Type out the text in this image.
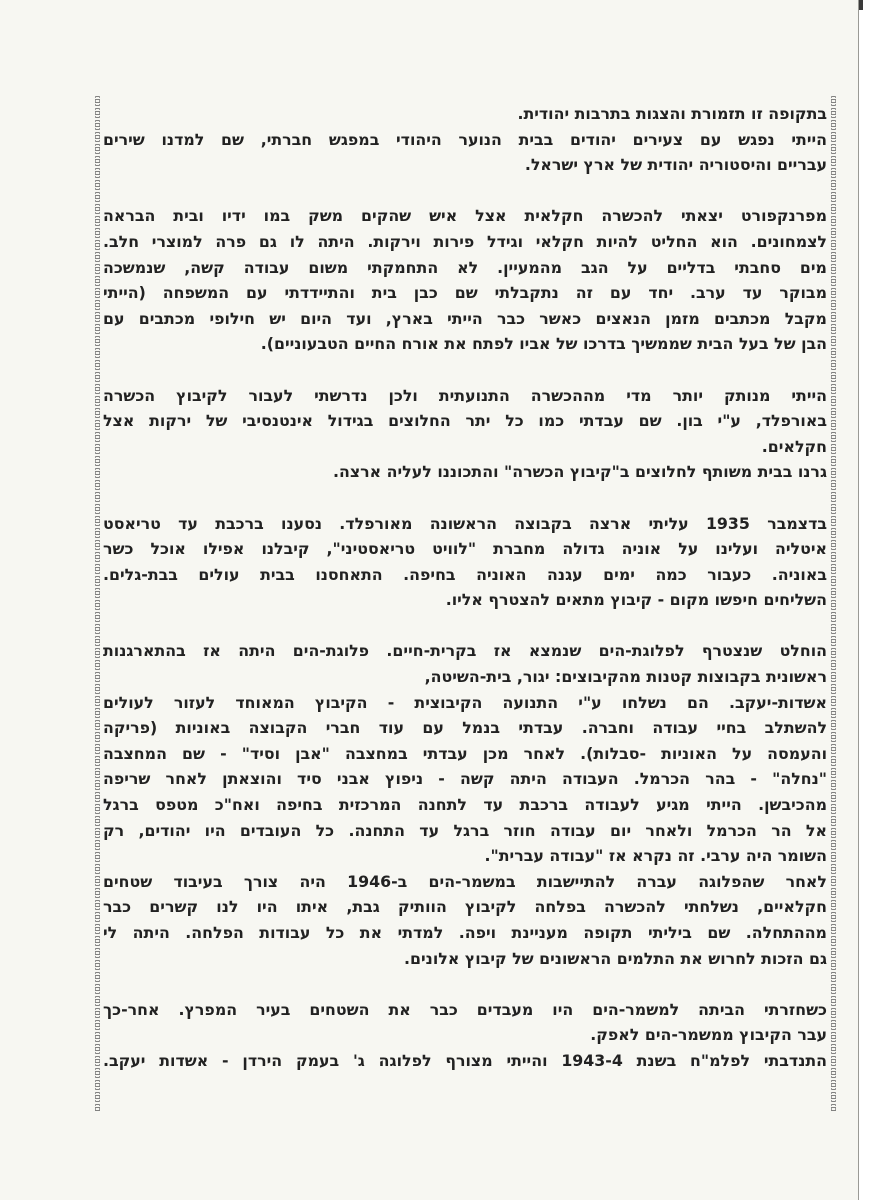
בתקופה זו תזמורת והצגות בתרבות יהודית.
הייתי נפגש עם צעירים יהודים בבית הנוער היהודי במפגש חברתי, שם למדנו שירים
עבריים והיסטוריה יהודית של ארץ ישראל.

מפרנקפורט יצאתי להכשרה חקלאית אצל איש שהקים משק במו ידיו ובית הבראה
לצמחונים. הוא החליט להיות חקלאי וגידל פירות וירקות. היתה לו גם פרה למוצרי חלב.
מים סחבתי בדליים על הגב מהמעיין. לא התחמקתי משום עבודה קשה, שנמשכה
מבוקר עד ערב. יחד עם זה נתקבלתי שם כבן בית והתיידדתי עם המשפחה (הייתי
מקבל מכתבים מזמן הנאצים כאשר כבר הייתי בארץ, ועד היום יש חילופי מכתבים עם
הבן של בעל הבית שממשיך בדרכו של אביו לפתח את אורח החיים הטבעוניים).

הייתי מנותק יותר מדי מההכשרה התנועתית ולכן נדרשתי לעבור לקיבוץ הכשרה
באורפלד, ע"י בון. שם עבדתי כמו כל יתר החלוצים בגידול אינטנסיבי של ירקות אצל
חקלאים.
גרנו בבית משותף לחלוצים ב"קיבוץ הכשרה" והתכוננו לעליה ארצה.

בדצמבר 1935 עליתי ארצה בקבוצה הראשונה מאורפלד. נסענו ברכבת עד טריאסט
איטליה ועלינו על אוניה גדולה מחברת "לוויט טריאסטיני", קיבלנו אפילו אוכל כשר
באוניה. כעבור כמה ימים עגנה האוניה בחיפה. התאחסנו בבית עולים בבת-גלים.
השליחים חיפשו מקום - קיבוץ מתאים להצטרף אליו.

הוחלט שנצטרף לפלוגת-הים שנמצא אז בקרית-חיים. פלוגת-הים היתה אז בהתארגנות
ראשונית בקבוצות קטנות מהקיבוצים: יגור, בית-השיטה,
אשדות-יעקב. הם נשלחו ע"י התנועה הקיבוצית - הקיבוץ המאוחד לעזור לעולים
להשתלב בחיי עבודה וחברה. עבדתי בנמל עם עוד חברי הקבוצה באוניות (פריקה
והעמסה על האוניות -סבלות). לאחר מכן עבדתי במחצבה "אבן וסיד" - שם המחצבה
"נחלה" - בהר הכרמל. העבודה היתה קשה - ניפוץ אבני סיד והוצאתן לאחר שריפה
מהכיבשן. הייתי מגיע לעבודה ברכבת עד לתחנה המרכזית בחיפה ואח"כ מטפס ברגל
אל הר הכרמל ולאחר יום עבודה חוזר ברגל עד התחנה. כל העובדים היו יהודים, רק
השומר היה ערבי. זה נקרא אז "עבודה עברית".
לאחר שהפלוגה עברה להתיישבות במשמר-הים ב-1946 היה צורך בעיבוד שטחים
חקלאיים, נשלחתי להכשרה בפלחה לקיבוץ הוותיק גבת, איתו היו לנו קשרים כבר
מההתחלה. שם ביליתי תקופה מעניינת ויפה. למדתי את כל עבודות הפלחה. היתה לי
גם הזכות לחרוש את התלמים הראשונים של קיבוץ אלונים.

כשחזרתי הביתה למשמר-הים היו מעבדים כבר את השטחים בעיר המפרץ. אחר-כך
עבר הקיבוץ ממשמר-הים לאפק.
התנדבתי לפלמ"ח בשנת 1943-4 והייתי מצורף לפלוגה ג' בעמק הירדן - אשדות יעקב.
